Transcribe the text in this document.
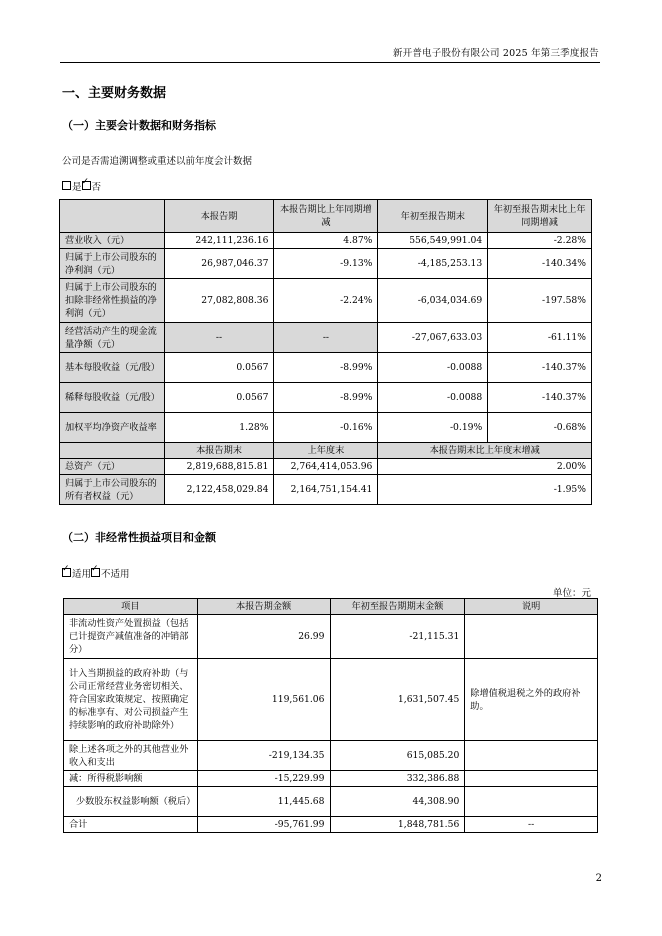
新开普电子股份有限公司 2025 年第三季度报告
一、主要财务数据
（一）主要会计数据和财务指标
公司是否需追溯调整或重述以前年度会计数据
是 ✓ 否
	本报告期	本报告期比上年同期增减	年初至报告期末	年初至报告期末比上年同期增减
营业收入（元）	242,111,236.16	4.87%	556,549,991.04	-2.28%
归属于上市公司股东的净利润（元）	26,987,046.37	-9.13%	-4,185,253.13	-140.34%
归属于上市公司股东的扣除非经常性损益的净利润（元）	27,082,808.36	-2.24%	-6,034,034.69	-197.58%
经营活动产生的现金流量净额（元）	--	--	-27,067,633.03	-61.11%
基本每股收益（元/股）	0.0567	-8.99%	-0.0088	-140.37%
稀释每股收益（元/股）	0.0567	-8.99%	-0.0088	-140.37%
加权平均净资产收益率	1.28%	-0.16%	-0.19%	-0.68%
	本报告期末	上年度末	本报告期末比上年度末增减	
总资产（元）	2,819,688,815.81	2,764,414,053.96	2.00%	
归属于上市公司股东的所有者权益（元）	2,122,458,029.84	2,164,751,154.41	-1.95%	
（二）非经常性损益项目和金额
✓适用 ✓ 不适用
单位：元
项目	本报告期金额	年初至报告期期末金额	说明
非流动性资产处置损益（包括已计提资产减值准备的冲销部分）	26.99	-21,115.31	
计入当期损益的政府补助（与公司正常经营业务密切相关、符合国家政策规定、按照确定的标准享有、对公司损益产生持续影响的政府补助除外）	119,561.06	1,631,507.45	除增值税退税之外的政府补助。
除上述各项之外的其他营业外收入和支出	-219,134.35	615,085.20	
减：所得税影响额	-15,229.99	332,386.88	
少数股东权益影响额（税后）	11,445.68	44,308.90	
合计	-95,761.99	1,848,781.56	--
2
